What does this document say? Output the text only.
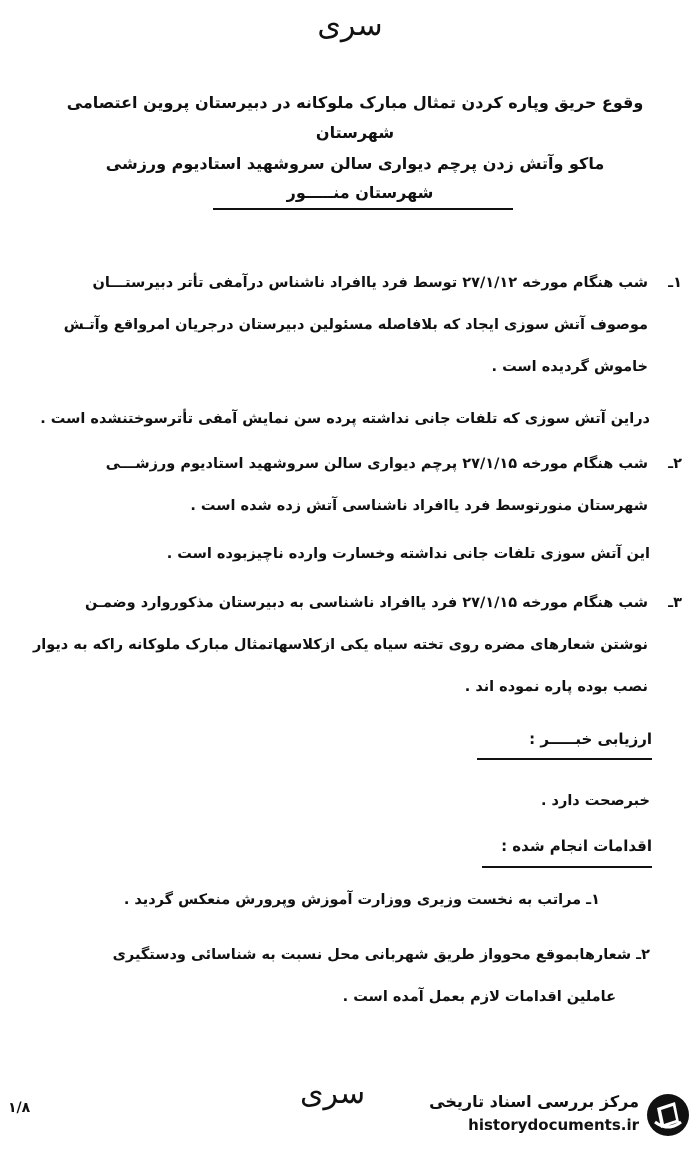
سری
وقوع حریق وپاره کردن تمثال مبارک ملوکانه در دبیرستان پروین اعتصامی شهرستان
ماکو وآتش زدن پرچم دیواری سالن سروشهید استادیوم ورزشی
شهرستان منـــــور
۱ـشب هنگام مورخه ۲۷/۱/۱۲ توسط فرد یاافراد ناشناس درآمفی تأتر دبیرستـــان
موصوف آتش سوزی ایجاد که بلافاصله مسئولین دبیرستان درجریان امرواقع وآتـش
خاموش گردیده است .
دراین آتش سوزی که تلفات جانی نداشته پرده سن نمایش آمفی تأترسوختنشده است .
۲ـشب هنگام مورخه ۲۷/۱/۱۵ پرچم دیواری سالن سروشهید استادیوم ورزشـــی
شهرستان منورتوسط فرد یاافراد ناشناسی آتش زده شده است .
این آتش سوزی تلفات جانی نداشته وخسارت وارده ناچیزبوده است .
۳ـشب هنگام مورخه ۲۷/۱/۱۵ فرد یاافراد ناشناسی به دبیرستان مذکوروارد وضمـن
نوشتن شعارهای مضره روی تخته سیاه یکی ازکلاسهاتمثال مبارک ملوکانه راکه به دیوار
نصب بوده پاره نموده اند .
ارزیابی خبـــــر :
خبرصحت دارد .
اقدامات انجام شده :
۱ـ مراتب به نخست وزیری ووزارت آموزش وپرورش منعکس گردید .
۲ـ شعارهابموقع محوواز طریق شهربانی محل نسبت به شناسائی ودستگیری
عاملین اقدامات لازم بعمل آمده است .
سری
۱/۸	مرکز بررسی اسناد تاریخی
historydocuments.ir
